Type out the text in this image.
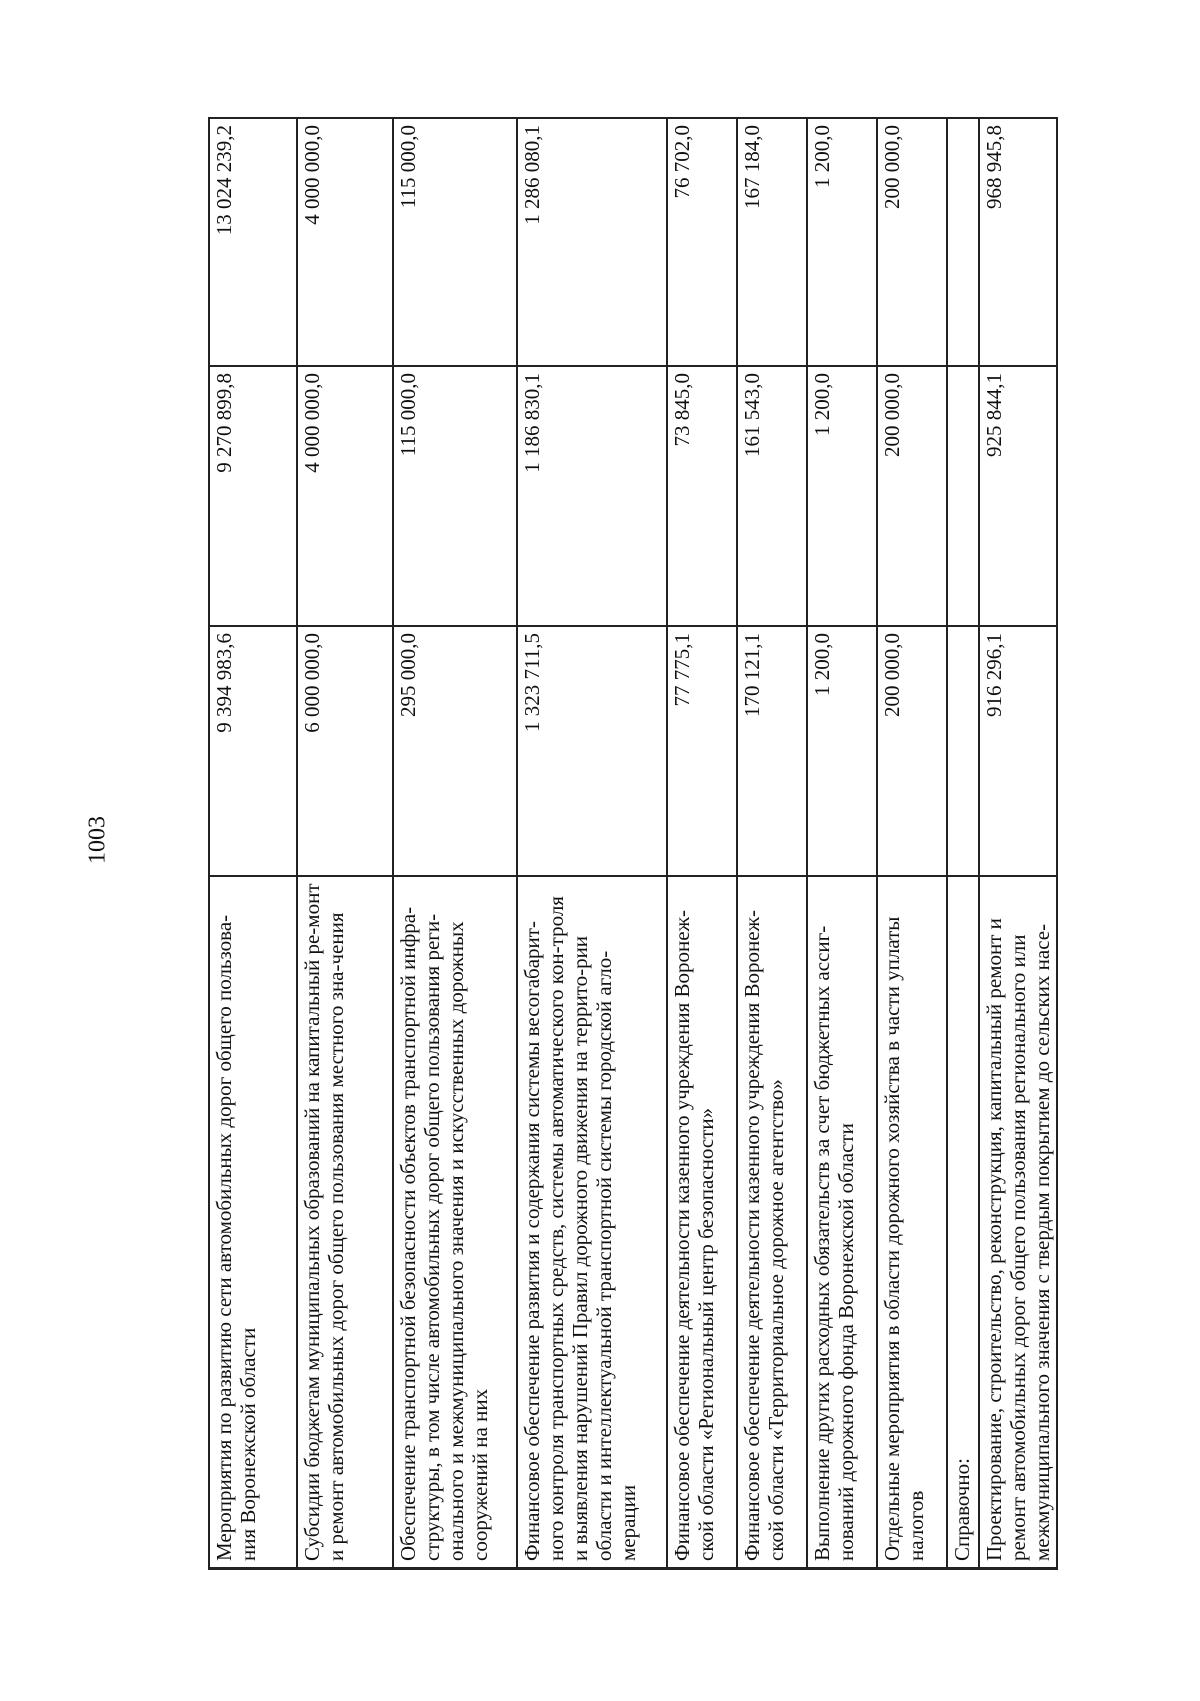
1003
	Мероприятия по развитию сети автомобильных дорог общего пользова-ния Воронежской области	9 394 983,6	9 270 899,8	13 024 239,2
	Субсидии бюджетам муниципальных образований на капитальный ре-монт и ремонт автомобильных дорог общего пользования местного зна-чения	6 000 000,0	4 000 000,0	4 000 000,0
	Обеспечение транспортной безопасности объектов транспортной инфра-структуры, в том числе автомобильных дорог общего пользования реги-онального и межмуниципального значения и искусственных дорожных сооружений на них	295 000,0	115 000,0	115 000,0
	Финансовое обеспечение развития и содержания системы весогабарит-ного контроля транспортных средств, системы автоматического кон-троля и выявления нарушений Правил дорожного движения на террито-рии области и интеллектуальной транспортной системы городской агло-мерации	1 323 711,5	1 186 830,1	1 286 080,1
	Финансовое обеспечение деятельности казенного учреждения Воронеж-ской области «Региональный центр безопасности»	77 775,1	73 845,0	76 702,0
	Финансовое обеспечение деятельности казенного учреждения Воронеж-ской области «Территориальное дорожное агентство»	170 121,1	161 543,0	167 184,0
	Выполнение других расходных обязательств за счет бюджетных ассиг-нований дорожного фонда Воронежской области	1 200,0	1 200,0	1 200,0
	Отдельные мероприятия в области дорожного хозяйства в части уплаты налогов	200 000,0	200 000,0	200 000,0
	Справочно:			
	Проектирование, строительство, реконструкция, капитальный ремонт и ремонт автомобильных дорог общего пользования регионального или межмуниципального значения с твердым покрытием до сельских насе-	916 296,1	925 844,1	968 945,8
